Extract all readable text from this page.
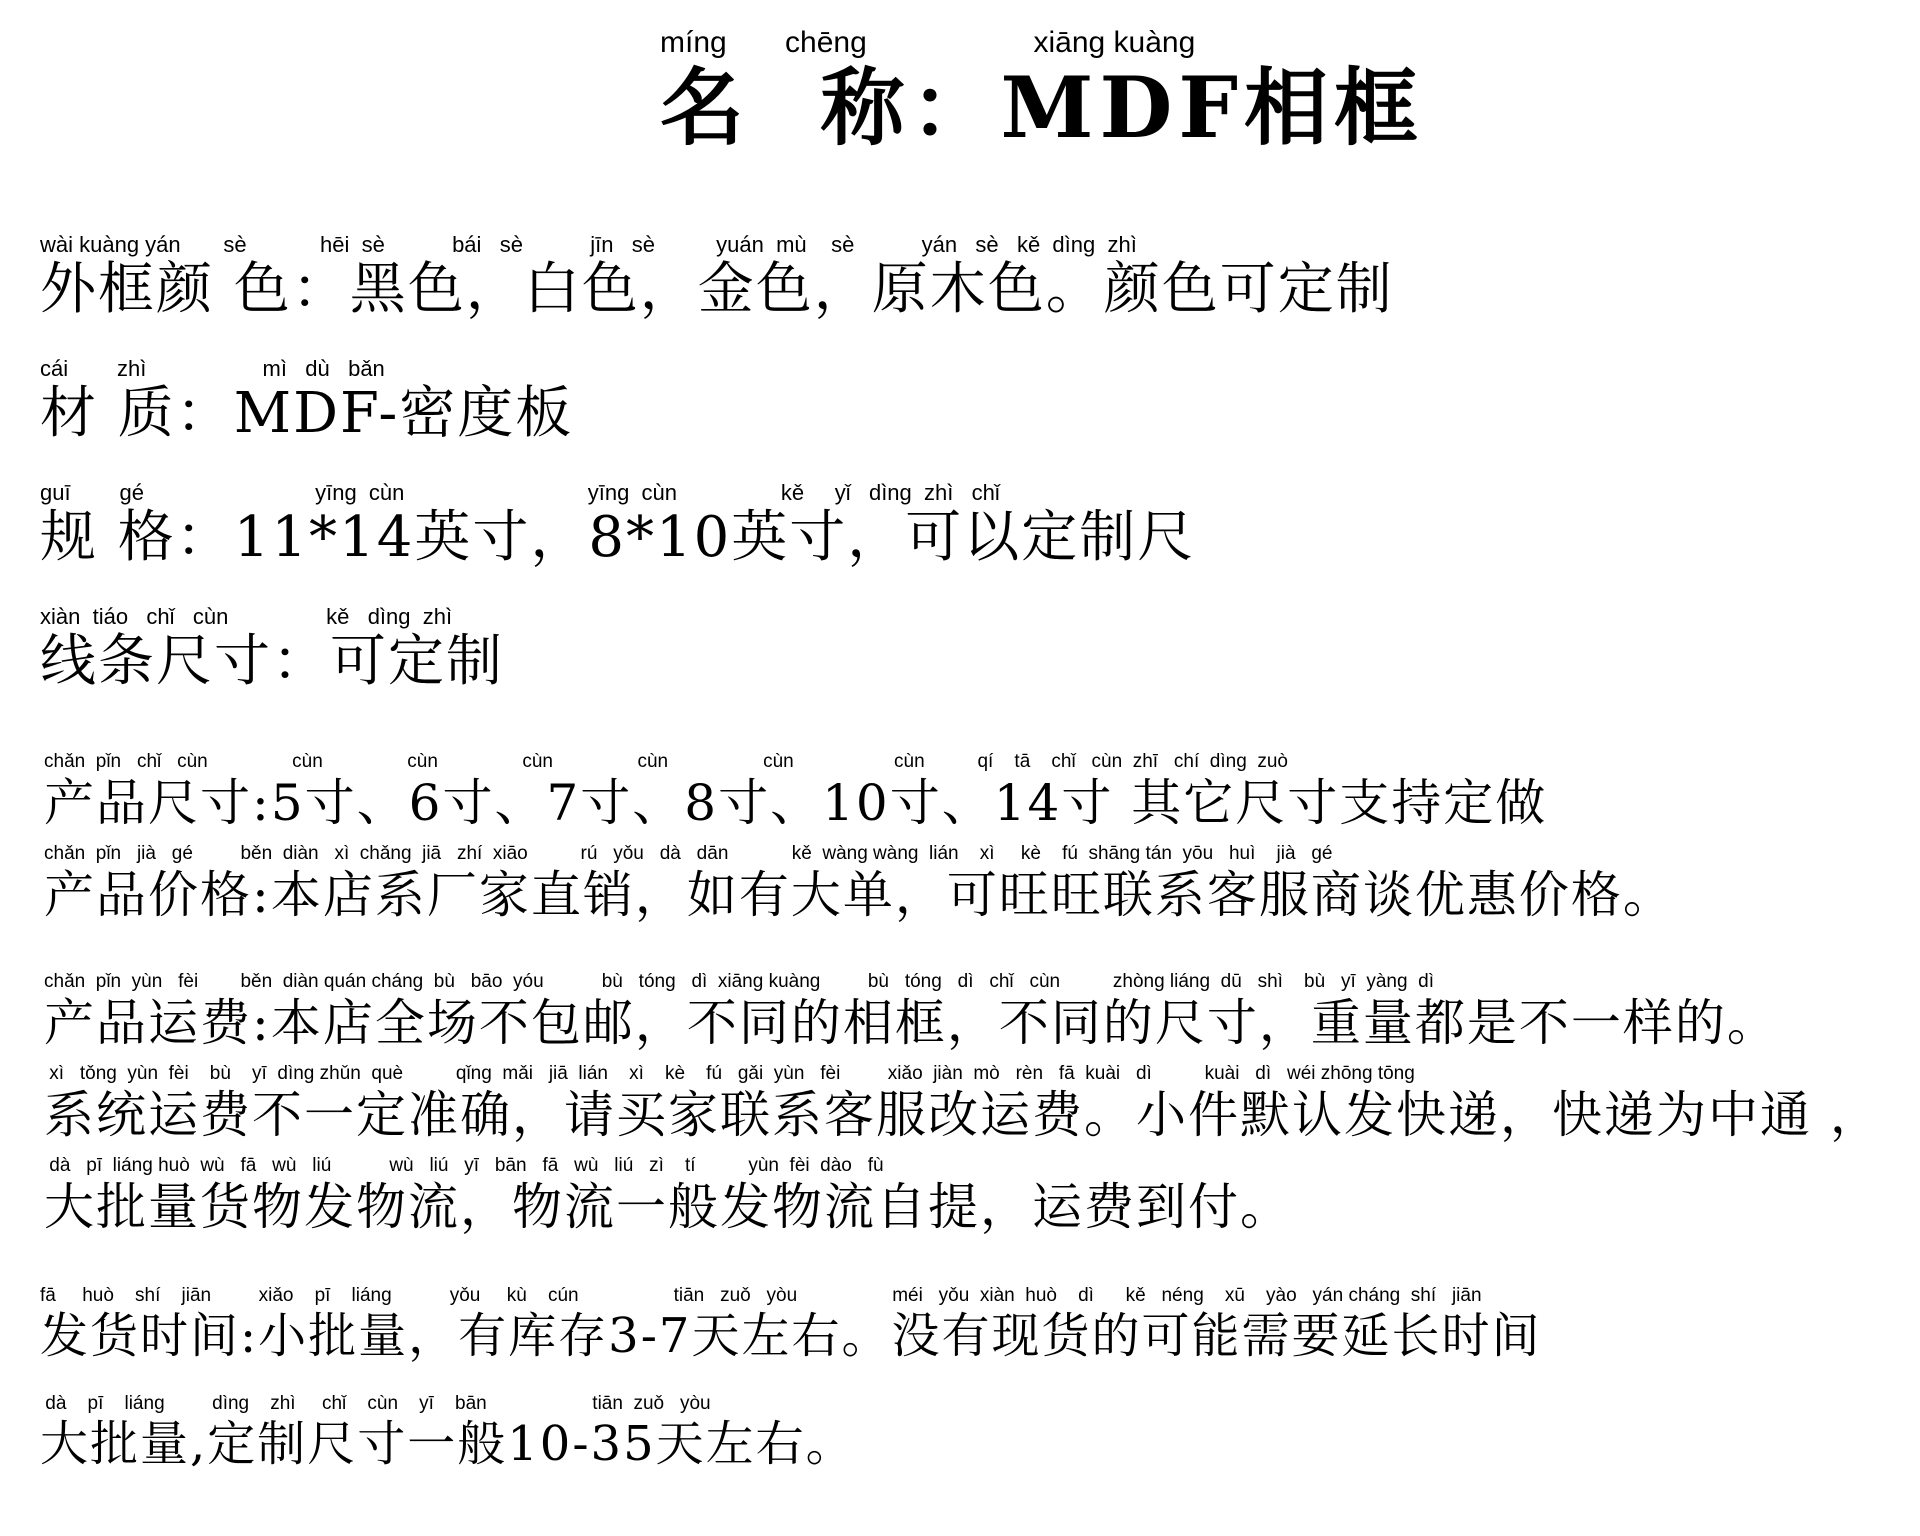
míng       chēng                    xiāng kuàng
名  称：MDF相框
wài kuàng yán       sè            hēi  sè           bái   sè           jīn   sè          yuán  mù    sè           yán   sè   kě  dìng  zhì
外框颜 色：黑色，白色，金色，原木色。颜色可定制
cái        zhì                   mì   dù   bǎn
材 质：MDF-密度板
guī        gé                            yīng  cùn                              yīng  cùn                 kě     yǐ   dìng  zhì   chǐ
规 格：11*14英寸，8*10英寸，可以定制尺
xiàn  tiáo   chǐ   cùn                kě   dìng  zhì
线条尺寸：可定制
chǎn  pǐn   chǐ   cùn                cùn                cùn                cùn                cùn                  cùn                   cùn          qí    tā    chǐ   cùn  zhī   chí  dìng  zuò
产品尺寸:5寸、6寸、7寸、8寸、10寸、14寸 其它尺寸支持定做
chǎn  pǐn   jià   gé         běn  diàn   xì  chǎng  jiā   zhí  xiāo          rú   yǒu   dà   dān            kě  wàng wàng  lián    xì     kè    fú  shāng tán  yōu   huì    jià   gé
产品价格:本店系厂家直销，如有大单，可旺旺联系客服商谈优惠价格。
chǎn  pǐn  yùn   fèi        běn  diàn quán cháng  bù   bāo  yóu           bù   tóng   dì  xiāng kuàng         bù   tóng   dì   chǐ   cùn          zhòng liáng  dū   shì    bù   yī  yàng  dì
产品运费:本店全场不包邮，不同的相框，不同的尺寸，重量都是不一样的。
xì   tǒng  yùn  fèi    bù    yī  dìng zhǔn  què          qǐng  mǎi   jiā  lián    xì    kè    fú   gǎi  yùn   fèi         xiǎo  jiàn  mò   rèn   fā  kuài   dì          kuài   dì   wéi zhōng tōng
系统运费不一定准确，请买家联系客服改运费。小件默认发快递，快递为中通 ，
dà   pī  liáng huò  wù   fā   wù   liú           wù   liú   yī   bān   fā   wù   liú   zì    tí          yùn  fèi  dào   fù
大批量货物发物流，物流一般发物流自提，运费到付。
fā     huò    shí    jiān         xiǎo    pī    liáng           yǒu     kù    cún                  tiān   zuǒ   yòu                  méi   yǒu  xiàn  huò    dì      kě   néng    xū    yào   yán cháng  shí   jiān
发货时间:小批量，有库存3-7天左右。没有现货的可能需要延长时间
dà    pī    liáng         dìng    zhì     chǐ    cùn    yī    bān                    tiān  zuǒ   yòu
大批量,定制尺寸一般10-35天左右。
